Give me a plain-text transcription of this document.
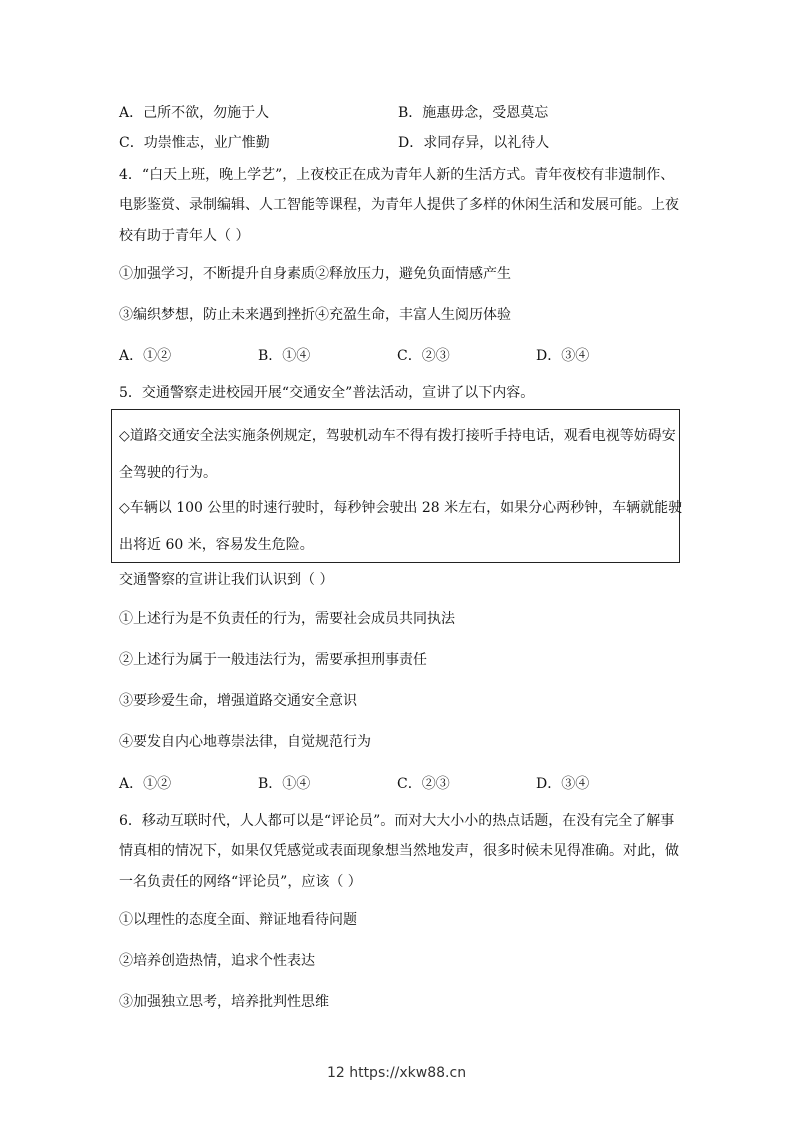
A．己所不欲，勿施于人	B．施惠毋念，受恩莫忘
C．功崇惟志，业广惟勤	D．求同存异，以礼待人
4．“白天上班，晚上学艺”，上夜校正在成为青年人新的生活方式。青年夜校有非遗制作、
电影鉴赏、录制编辑、人工智能等课程，为青年人提供了多样的休闲生活和发展可能。上夜
校有助于青年人（ ）
①加强学习，不断提升自身素质②释放压力，避免负面情感产生
③编织梦想，防止未来遇到挫折④充盈生命，丰富人生阅历体验
A．①②	B．①④	C．②③	D．③④
5．交通警察走进校园开展“交通安全”普法活动，宣讲了以下内容。
◇道路交通安全法实施条例规定，驾驶机动车不得有拨打接听手持电话，观看电视等妨碍安
全驾驶的行为。
◇车辆以 100 公里的时速行驶时，每秒钟会驶出 28 米左右，如果分心两秒钟，车辆就能驶
出将近 60 米，容易发生危险。
交通警察的宣讲让我们认识到（ ）
①上述行为是不负责任的行为，需要社会成员共同执法
②上述行为属于一般违法行为，需要承担刑事责任
③要珍爱生命，增强道路交通安全意识
④要发自内心地尊崇法律，自觉规范行为
A．①②	B．①④	C．②③	D．③④
6．移动互联时代，人人都可以是“评论员”。而对大大小小的热点话题，在没有完全了解事
情真相的情况下，如果仅凭感觉或表面现象想当然地发声，很多时候未见得准确。对此，做
一名负责任的网络“评论员”，应该（ ）
①以理性的态度全面、辩证地看待问题
②培养创造热情，追求个性表达
③加强独立思考，培养批判性思维
12 https://xkw88.cn
